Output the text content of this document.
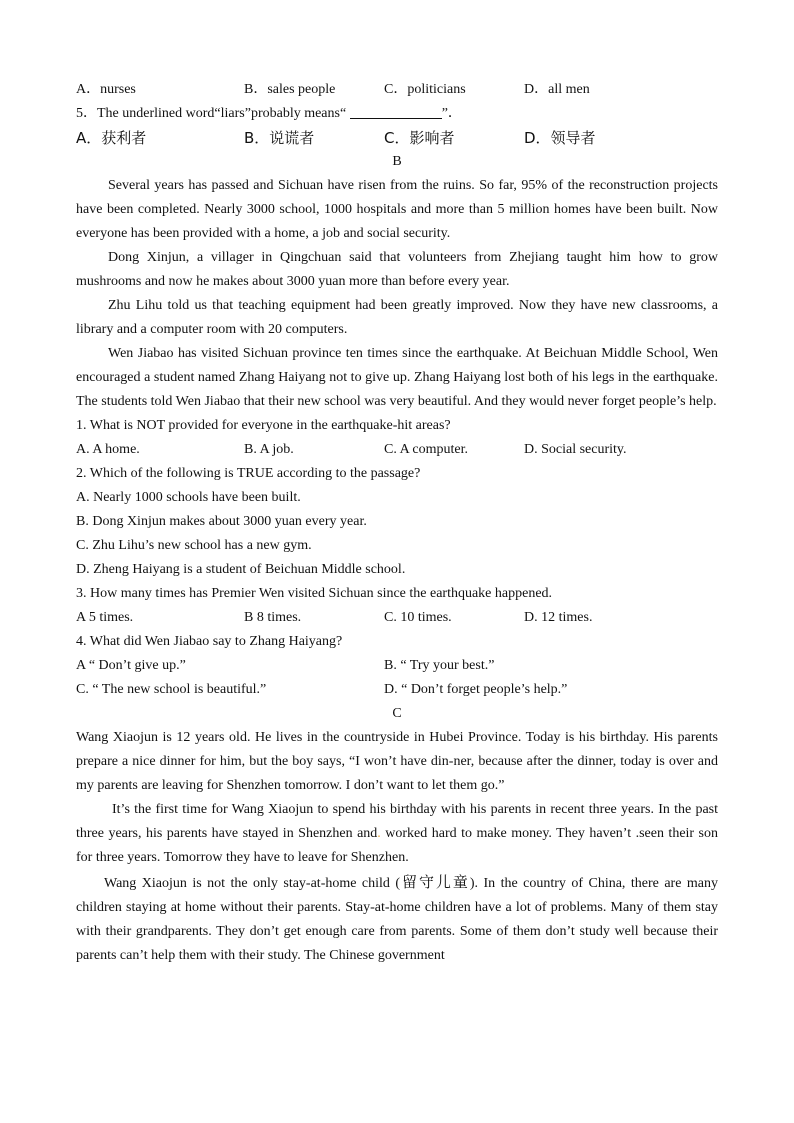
A．nurses	B．sales people	C．politicians	D．all men
5．The underlined word“liars”probably means“	”．
A．获利者	B．说谎者	C．影响者	D．领导者
B
Several years has passed and Sichuan have risen from the ruins. So far, 95% of the reconstruction projects have been completed. Nearly 3000 school, 1000 hospitals and more than 5 million homes have been built. Now everyone has been provided with a home, a job and social security.
Dong Xinjun, a villager in Qingchuan said that volunteers from Zhejiang taught him how to grow mushrooms and now he makes about 3000 yuan more than before every year.
Zhu Lihu told us that teaching equipment had been greatly improved. Now they have new classrooms, a library and a computer room with 20 computers.
Wen Jiabao has visited Sichuan province ten times since the earthquake. At Beichuan Middle School, Wen encouraged a student named Zhang Haiyang not to give up. Zhang Haiyang lost both of his legs in the earthquake. The students told Wen Jiabao that their new school was very beautiful. And they would never forget people’s help.
1. What is NOT provided for everyone in the earthquake-hit areas?
A. A home.	B. A job.	C. A computer.	D. Social security.
2. Which of the following is TRUE according to the passage?
A. Nearly 1000 schools have been built.
B. Dong Xinjun makes about 3000 yuan every year.
C. Zhu Lihu’s new school has a new gym.
D. Zheng Haiyang is a student of Beichuan Middle school.
3. How many times has Premier Wen visited Sichuan since the earthquake happened.
A 5 times.	B 8 times.	C. 10 times.	D. 12 times.
4. What did Wen Jiabao say to Zhang Haiyang?
A “ Don’t give up.”	B. “ Try your best.”
C. “ The new school is beautiful.”	D. “ Don’t forget people’s help.”
C
Wang Xiaojun is 12 years old. He lives in the countryside in Hubei Province. Today is his birthday. His parents prepare a nice dinner for him, but the boy says, “I won’t have din-ner, because after the dinner, today is over and my parents are leaving for Shenzhen tomorrow. I don’t want to let them go.”
It’s the first time for Wang Xiaojun to spend his birthday with his parents in recent three years. In the past three years, his parents have stayed in Shenzhen and. worked hard to make money. They haven’t .seen their son for three years. Tomorrow they have to leave for Shenzhen.
Wang Xiaojun is not the only stay-at-home child (留守儿童). In the country of China, there are many children staying at home without their parents. Stay-at-home children have a lot of problems. Many of them stay with their grandparents. They don’t get enough care from parents. Some of them don’t study well because their parents can’t help them with their study. The Chinese government
